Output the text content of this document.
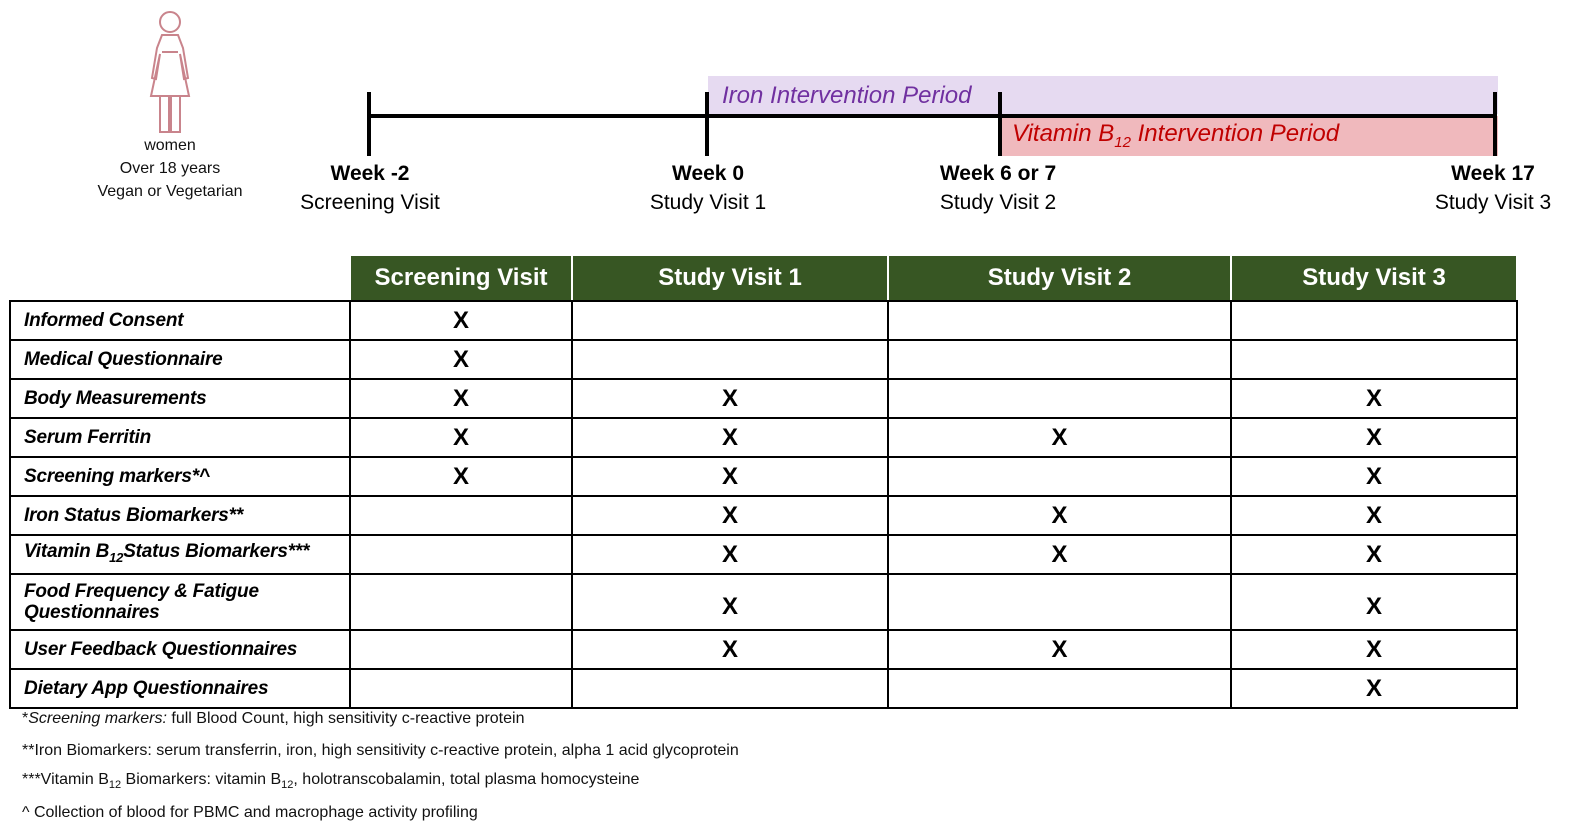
women
Over 18 years
Vegan or Vegetarian
Iron Intervention Period
Vitamin $B_{12}$ Intervention Period
Week -2
Screening Visit
Week 0
Study Visit 1
Week 6 or 7
Study Visit 2
Week 17
Study Visit 3
	Screening Visit	Study Visit 1	Study Visit 2	Study Visit 3
Informed Consent	X			
Medical Questionnaire	X			
Body Measurements	X	X		X
Serum Ferritin	X	X	X	X
Screening markers*^	X	X		X
Iron Status Biomarkers**		X	X	X
Vitamin $B_{12}Status$ Biomarkers***		X	X	X

Food Frequency & Fatigue
Questionnaires		X		X
User Feedback Questionnaires		X	X	X
Dietary App Questionnaires				X
*Screening markers: full Blood Count, high sensitivity c-reactive protein
**Iron Biomarkers: serum transferrin, iron, high sensitivity c-reactive protein, alpha 1 acid glycoprotein
***Vitamin $B_{12}$ Biomarkers: vitamin $B_{12}$, holotranscobalamin, total plasma homocysteine
^ Collection of blood for PBMC and macrophage activity profiling
